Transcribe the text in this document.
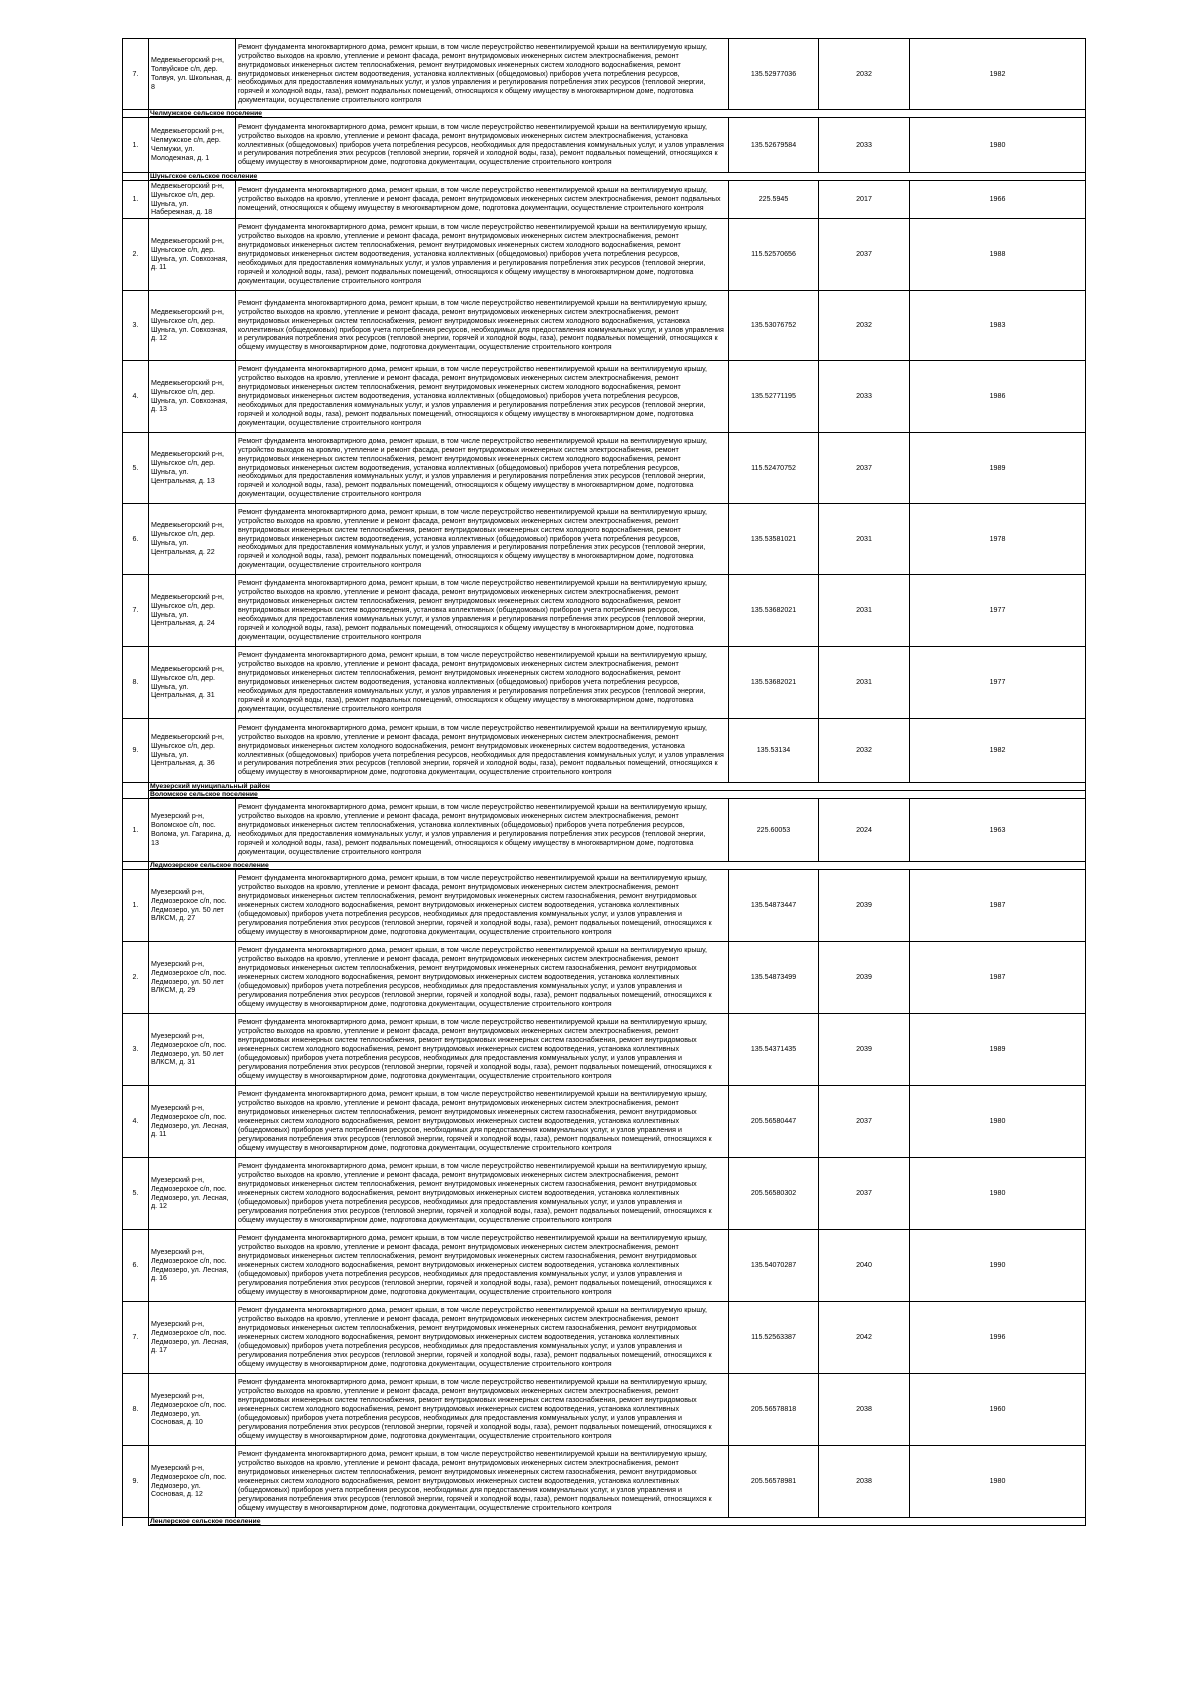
7.	Медвежьегорский р-н, Толвуйское с/п, дер. Толвуя, ул. Школьная, д. 8	Ремонт фундамента многоквартирного дома, ремонт крыши, в том числе переустройство невентилируемой крыши на вентилируемую крышу, устройство выходов на кровлю, утепление и ремонт фасада, ремонт внутридомовых инженерных систем электроснабжения, ремонт внутридомовых инженерных систем теплоснабжения, ремонт внутридомовых инженерных систем холодного водоснабжения, ремонт внутридомовых инженерных систем водоотведения, установка коллективных (общедомовых) приборов учета потребления ресурсов, необходимых для предоставления коммунальных услуг, и узлов управления и регулирования потребления этих ресурсов (тепловой энергии, горячей и холодной воды, газа), ремонт подвальных помещений, относящихся к общему имуществу в многоквартирном доме, подготовка документации, осуществление строительного контроля	135.52977036	2032	1982
	Челмужское сельское поселение				
1.	Медвежьегорский р-н, Челмужское с/п, дер. Челмужи, ул. Молодежная, д. 1	Ремонт фундамента многоквартирного дома, ремонт крыши, в том числе переустройство невентилируемой крыши на вентилируемую крышу, устройство выходов на кровлю, утепление и ремонт фасада, ремонт внутридомовых инженерных систем электроснабжения, установка коллективных (общедомовых) приборов учета потребления ресурсов, необходимых для предоставления коммунальных услуг, и узлов управления и регулирования потребления этих ресурсов (тепловой энергии, горячей и холодной воды, газа), ремонт подвальных помещений, относящихся к общему имуществу в многоквартирном доме, подготовка документации, осуществление строительного контроля	135.52679584	2033	1980
	Шуньгское сельское поселение				
1.	Медвежьегорский р-н, Шуньгское с/п, дер. Шуньга, ул. Набережная, д. 18	Ремонт фундамента многоквартирного дома, ремонт крыши, в том числе переустройство невентилируемой крыши на вентилируемую крышу, устройство выходов на кровлю, утепление и ремонт фасада, ремонт внутридомовых инженерных систем электроснабжения, ремонт подвальных помещений, относящихся к общему имуществу в многоквартирном доме, подготовка документации, осуществление строительного контроля	225.5945	2017	1966
2.	Медвежьегорский р-н, Шуньгское с/п, дер. Шуньга, ул. Совхозная, д. 11	Ремонт фундамента многоквартирного дома, ремонт крыши, в том числе переустройство невентилируемой крыши на вентилируемую крышу, устройство выходов на кровлю, утепление и ремонт фасада, ремонт внутридомовых инженерных систем электроснабжения, ремонт внутридомовых инженерных систем теплоснабжения, ремонт внутридомовых инженерных систем холодного водоснабжения, ремонт внутридомовых инженерных систем водоотведения, установка коллективных (общедомовых) приборов учета потребления ресурсов, необходимых для предоставления коммунальных услуг, и узлов управления и регулирования потребления этих ресурсов (тепловой энергии, горячей и холодной воды, газа), ремонт подвальных помещений, относящихся к общему имуществу в многоквартирном доме, подготовка документации, осуществление строительного контроля	115.52570656	2037	1988
3.	Медвежьегорский р-н, Шуньгское с/п, дер. Шуньга, ул. Совхозная, д. 12	Ремонт фундамента многоквартирного дома, ремонт крыши, в том числе переустройство невентилируемой крыши на вентилируемую крышу, устройство выходов на кровлю, утепление и ремонт фасада, ремонт внутридомовых инженерных систем электроснабжения, ремонт внутридомовых инженерных систем теплоснабжения, ремонт внутридомовых инженерных систем холодного водоснабжения, установка коллективных (общедомовых) приборов учета потребления ресурсов, необходимых для предоставления коммунальных услуг, и узлов управления и регулирования потребления этих ресурсов (тепловой энергии, горячей и холодной воды, газа), ремонт подвальных помещений, относящихся к общему имуществу в многоквартирном доме, подготовка документации, осуществление строительного контроля	135.53076752	2032	1983
4.	Медвежьегорский р-н, Шуньгское с/п, дер. Шуньга, ул. Совхозная, д. 13	Ремонт фундамента многоквартирного дома, ремонт крыши, в том числе переустройство невентилируемой крыши на вентилируемую крышу, устройство выходов на кровлю, утепление и ремонт фасада, ремонт внутридомовых инженерных систем электроснабжения, ремонт внутридомовых инженерных систем теплоснабжения, ремонт внутридомовых инженерных систем холодного водоснабжения, ремонт внутридомовых инженерных систем водоотведения, установка коллективных (общедомовых) приборов учета потребления ресурсов, необходимых для предоставления коммунальных услуг, и узлов управления и регулирования потребления этих ресурсов (тепловой энергии, горячей и холодной воды, газа), ремонт подвальных помещений, относящихся к общему имуществу в многоквартирном доме, подготовка документации, осуществление строительного контроля	135.52771195	2033	1986
5.	Медвежьегорский р-н, Шуньгское с/п, дер. Шуньга, ул. Центральная, д. 13	Ремонт фундамента многоквартирного дома, ремонт крыши, в том числе переустройство невентилируемой крыши на вентилируемую крышу, устройство выходов на кровлю, утепление и ремонт фасада, ремонт внутридомовых инженерных систем электроснабжения, ремонт внутридомовых инженерных систем теплоснабжения, ремонт внутридомовых инженерных систем холодного водоснабжения, ремонт внутридомовых инженерных систем водоотведения, установка коллективных (общедомовых) приборов учета потребления ресурсов, необходимых для предоставления коммунальных услуг, и узлов управления и регулирования потребления этих ресурсов (тепловой энергии, горячей и холодной воды, газа), ремонт подвальных помещений, относящихся к общему имуществу в многоквартирном доме, подготовка документации, осуществление строительного контроля	115.52470752	2037	1989
6.	Медвежьегорский р-н, Шуньгское с/п, дер. Шуньга, ул. Центральная, д. 22	Ремонт фундамента многоквартирного дома, ремонт крыши, в том числе переустройство невентилируемой крыши на вентилируемую крышу, устройство выходов на кровлю, утепление и ремонт фасада, ремонт внутридомовых инженерных систем электроснабжения, ремонт внутридомовых инженерных систем теплоснабжения, ремонт внутридомовых инженерных систем холодного водоснабжения, ремонт внутридомовых инженерных систем водоотведения, установка коллективных (общедомовых) приборов учета потребления ресурсов, необходимых для предоставления коммунальных услуг, и узлов управления и регулирования потребления этих ресурсов (тепловой энергии, горячей и холодной воды, газа), ремонт подвальных помещений, относящихся к общему имуществу в многоквартирном доме, подготовка документации, осуществление строительного контроля	135.53581021	2031	1978
7.	Медвежьегорский р-н, Шуньгское с/п, дер. Шуньга, ул. Центральная, д. 24	Ремонт фундамента многоквартирного дома, ремонт крыши, в том числе переустройство невентилируемой крыши на вентилируемую крышу, устройство выходов на кровлю, утепление и ремонт фасада, ремонт внутридомовых инженерных систем электроснабжения, ремонт внутридомовых инженерных систем теплоснабжения, ремонт внутридомовых инженерных систем холодного водоснабжения, ремонт внутридомовых инженерных систем водоотведения, установка коллективных (общедомовых) приборов учета потребления ресурсов, необходимых для предоставления коммунальных услуг, и узлов управления и регулирования потребления этих ресурсов (тепловой энергии, горячей и холодной воды, газа), ремонт подвальных помещений, относящихся к общему имуществу в многоквартирном доме, подготовка документации, осуществление строительного контроля	135.53682021	2031	1977
8.	Медвежьегорский р-н, Шуньгское с/п, дер. Шуньга, ул. Центральная, д. 31	Ремонт фундамента многоквартирного дома, ремонт крыши, в том числе переустройство невентилируемой крыши на вентилируемую крышу, устройство выходов на кровлю, утепление и ремонт фасада, ремонт внутридомовых инженерных систем электроснабжения, ремонт внутридомовых инженерных систем теплоснабжения, ремонт внутридомовых инженерных систем холодного водоснабжения, ремонт внутридомовых инженерных систем водоотведения, установка коллективных (общедомовых) приборов учета потребления ресурсов, необходимых для предоставления коммунальных услуг, и узлов управления и регулирования потребления этих ресурсов (тепловой энергии, горячей и холодной воды, газа), ремонт подвальных помещений, относящихся к общему имуществу в многоквартирном доме, подготовка документации, осуществление строительного контроля	135.53682021	2031	1977
9.	Медвежьегорский р-н, Шуньгское с/п, дер. Шуньга, ул. Центральная, д. 36	Ремонт фундамента многоквартирного дома, ремонт крыши, в том числе переустройство невентилируемой крыши на вентилируемую крышу, устройство выходов на кровлю, утепление и ремонт фасада, ремонт внутридомовых инженерных систем электроснабжения, ремонт внутридомовых инженерных систем холодного водоснабжения, ремонт внутридомовых инженерных систем водоотведения, установка коллективных (общедомовых) приборов учета потребления ресурсов, необходимых для предоставления коммунальных услуг, и узлов управления и регулирования потребления этих ресурсов (тепловой энергии, горячей и холодной воды, газа), ремонт подвальных помещений, относящихся к общему имуществу в многоквартирном доме, подготовка документации, осуществление строительного контроля	135.53134	2032	1982
	Муезерский муниципальный район				
	Воломское сельское поселение				
1.	Муезерский р-н, Воломское с/п, пос. Волома, ул. Гагарина, д. 13	Ремонт фундамента многоквартирного дома, ремонт крыши, в том числе переустройство невентилируемой крыши на вентилируемую крышу, устройство выходов на кровлю, утепление и ремонт фасада, ремонт внутридомовых инженерных систем электроснабжения, ремонт внутридомовых инженерных систем теплоснабжения, установка коллективных (общедомовых) приборов учета потребления ресурсов, необходимых для предоставления коммунальных услуг, и узлов управления и регулирования потребления этих ресурсов (тепловой энергии, горячей и холодной воды, газа), ремонт подвальных помещений, относящихся к общему имуществу в многоквартирном доме, подготовка документации, осуществление строительного контроля	225.60053	2024	1963
	Ледмозерское сельское поселение				
1.	Муезерский р-н, Ледмозерское с/п, пос. Ледмозеро, ул. 50 лет ВЛКСМ, д. 27	Ремонт фундамента многоквартирного дома, ремонт крыши, в том числе переустройство невентилируемой крыши на вентилируемую крышу, устройство выходов на кровлю, утепление и ремонт фасада, ремонт внутридомовых инженерных систем электроснабжения, ремонт внутридомовых инженерных систем теплоснабжения, ремонт внутридомовых инженерных систем газоснабжения, ремонт внутридомовых инженерных систем холодного водоснабжения, ремонт внутридомовых инженерных систем водоотведения, установка коллективных (общедомовых) приборов учета потребления ресурсов, необходимых для предоставления коммунальных услуг, и узлов управления и регулирования потребления этих ресурсов (тепловой энергии, горячей и холодной воды, газа), ремонт подвальных помещений, относящихся к общему имуществу в многоквартирном доме, подготовка документации, осуществление строительного контроля	135.54873447	2039	1987
2.	Муезерский р-н, Ледмозерское с/п, пос. Ледмозеро, ул. 50 лет ВЛКСМ, д. 29	Ремонт фундамента многоквартирного дома, ремонт крыши, в том числе переустройство невентилируемой крыши на вентилируемую крышу, устройство выходов на кровлю, утепление и ремонт фасада, ремонт внутридомовых инженерных систем электроснабжения, ремонт внутридомовых инженерных систем теплоснабжения, ремонт внутридомовых инженерных систем газоснабжения, ремонт внутридомовых инженерных систем холодного водоснабжения, ремонт внутридомовых инженерных систем водоотведения, установка коллективных (общедомовых) приборов учета потребления ресурсов, необходимых для предоставления коммунальных услуг, и узлов управления и регулирования потребления этих ресурсов (тепловой энергии, горячей и холодной воды, газа), ремонт подвальных помещений, относящихся к общему имуществу в многоквартирном доме, подготовка документации, осуществление строительного контроля	135.54873499	2039	1987
3.	Муезерский р-н, Ледмозерское с/п, пос. Ледмозеро, ул. 50 лет ВЛКСМ, д. 31	Ремонт фундамента многоквартирного дома, ремонт крыши, в том числе переустройство невентилируемой крыши на вентилируемую крышу, устройство выходов на кровлю, утепление и ремонт фасада, ремонт внутридомовых инженерных систем электроснабжения, ремонт внутридомовых инженерных систем теплоснабжения, ремонт внутридомовых инженерных систем газоснабжения, ремонт внутридомовых инженерных систем холодного водоснабжения, ремонт внутридомовых инженерных систем водоотведения, установка коллективных (общедомовых) приборов учета потребления ресурсов, необходимых для предоставления коммунальных услуг, и узлов управления и регулирования потребления этих ресурсов (тепловой энергии, горячей и холодной воды, газа), ремонт подвальных помещений, относящихся к общему имуществу в многоквартирном доме, подготовка документации, осуществление строительного контроля	135.54371435	2039	1989
4.	Муезерский р-н, Ледмозерское с/п, пос. Ледмозеро, ул. Лесная, д. 11	Ремонт фундамента многоквартирного дома, ремонт крыши, в том числе переустройство невентилируемой крыши на вентилируемую крышу, устройство выходов на кровлю, утепление и ремонт фасада, ремонт внутридомовых инженерных систем электроснабжения, ремонт внутридомовых инженерных систем теплоснабжения, ремонт внутридомовых инженерных систем газоснабжения, ремонт внутридомовых инженерных систем холодного водоснабжения, ремонт внутридомовых инженерных систем водоотведения, установка коллективных (общедомовых) приборов учета потребления ресурсов, необходимых для предоставления коммунальных услуг, и узлов управления и регулирования потребления этих ресурсов (тепловой энергии, горячей и холодной воды, газа), ремонт подвальных помещений, относящихся к общему имуществу в многоквартирном доме, подготовка документации, осуществление строительного контроля	205.56580447	2037	1980
5.	Муезерский р-н, Ледмозерское с/п, пос. Ледмозеро, ул. Лесная, д. 12	Ремонт фундамента многоквартирного дома, ремонт крыши, в том числе переустройство невентилируемой крыши на вентилируемую крышу, устройство выходов на кровлю, утепление и ремонт фасада, ремонт внутридомовых инженерных систем электроснабжения, ремонт внутридомовых инженерных систем теплоснабжения, ремонт внутридомовых инженерных систем газоснабжения, ремонт внутридомовых инженерных систем холодного водоснабжения, ремонт внутридомовых инженерных систем водоотведения, установка коллективных (общедомовых) приборов учета потребления ресурсов, необходимых для предоставления коммунальных услуг, и узлов управления и регулирования потребления этих ресурсов (тепловой энергии, горячей и холодной воды, газа), ремонт подвальных помещений, относящихся к общему имуществу в многоквартирном доме, подготовка документации, осуществление строительного контроля	205.56580302	2037	1980
6.	Муезерский р-н, Ледмозерское с/п, пос. Ледмозеро, ул. Лесная, д. 16	Ремонт фундамента многоквартирного дома, ремонт крыши, в том числе переустройство невентилируемой крыши на вентилируемую крышу, устройство выходов на кровлю, утепление и ремонт фасада, ремонт внутридомовых инженерных систем электроснабжения, ремонт внутридомовых инженерных систем теплоснабжения, ремонт внутридомовых инженерных систем газоснабжения, ремонт внутридомовых инженерных систем холодного водоснабжения, ремонт внутридомовых инженерных систем водоотведения, установка коллективных (общедомовых) приборов учета потребления ресурсов, необходимых для предоставления коммунальных услуг, и узлов управления и регулирования потребления этих ресурсов (тепловой энергии, горячей и холодной воды, газа), ремонт подвальных помещений, относящихся к общему имуществу в многоквартирном доме, подготовка документации, осуществление строительного контроля	135.54070287	2040	1990
7.	Муезерский р-н, Ледмозерское с/п, пос. Ледмозеро, ул. Лесная, д. 17	Ремонт фундамента многоквартирного дома, ремонт крыши, в том числе переустройство невентилируемой крыши на вентилируемую крышу, устройство выходов на кровлю, утепление и ремонт фасада, ремонт внутридомовых инженерных систем электроснабжения, ремонт внутридомовых инженерных систем теплоснабжения, ремонт внутридомовых инженерных систем газоснабжения, ремонт внутридомовых инженерных систем холодного водоснабжения, ремонт внутридомовых инженерных систем водоотведения, установка коллективных (общедомовых) приборов учета потребления ресурсов, необходимых для предоставления коммунальных услуг, и узлов управления и регулирования потребления этих ресурсов (тепловой энергии, горячей и холодной воды, газа), ремонт подвальных помещений, относящихся к общему имуществу в многоквартирном доме, подготовка документации, осуществление строительного контроля	115.52563387	2042	1996
8.	Муезерский р-н, Ледмозерское с/п, пос. Ледмозеро, ул. Сосновая, д. 10	Ремонт фундамента многоквартирного дома, ремонт крыши, в том числе переустройство невентилируемой крыши на вентилируемую крышу, устройство выходов на кровлю, утепление и ремонт фасада, ремонт внутридомовых инженерных систем электроснабжения, ремонт внутридомовых инженерных систем теплоснабжения, ремонт внутридомовых инженерных систем газоснабжения, ремонт внутридомовых инженерных систем холодного водоснабжения, ремонт внутридомовых инженерных систем водоотведения, установка коллективных (общедомовых) приборов учета потребления ресурсов, необходимых для предоставления коммунальных услуг, и узлов управления и регулирования потребления этих ресурсов (тепловой энергии, горячей и холодной воды, газа), ремонт подвальных помещений, относящихся к общему имуществу в многоквартирном доме, подготовка документации, осуществление строительного контроля	205.56578818	2038	1960
9.	Муезерский р-н, Ледмозерское с/п, пос. Ледмозеро, ул. Сосновая, д. 12	Ремонт фундамента многоквартирного дома, ремонт крыши, в том числе переустройство невентилируемой крыши на вентилируемую крышу, устройство выходов на кровлю, утепление и ремонт фасада, ремонт внутридомовых инженерных систем электроснабжения, ремонт внутридомовых инженерных систем теплоснабжения, ремонт внутридомовых инженерных систем газоснабжения, ремонт внутридомовых инженерных систем холодного водоснабжения, ремонт внутридомовых инженерных систем водоотведения, установка коллективных (общедомовых) приборов учета потребления ресурсов, необходимых для предоставления коммунальных услуг, и узлов управления и регулирования потребления этих ресурсов (тепловой энергии, горячей и холодной воды, газа), ремонт подвальных помещений, относящихся к общему имуществу в многоквартирном доме, подготовка документации, осуществление строительного контроля	205.56578981	2038	1980
	Ленлерское сельское поселение				
